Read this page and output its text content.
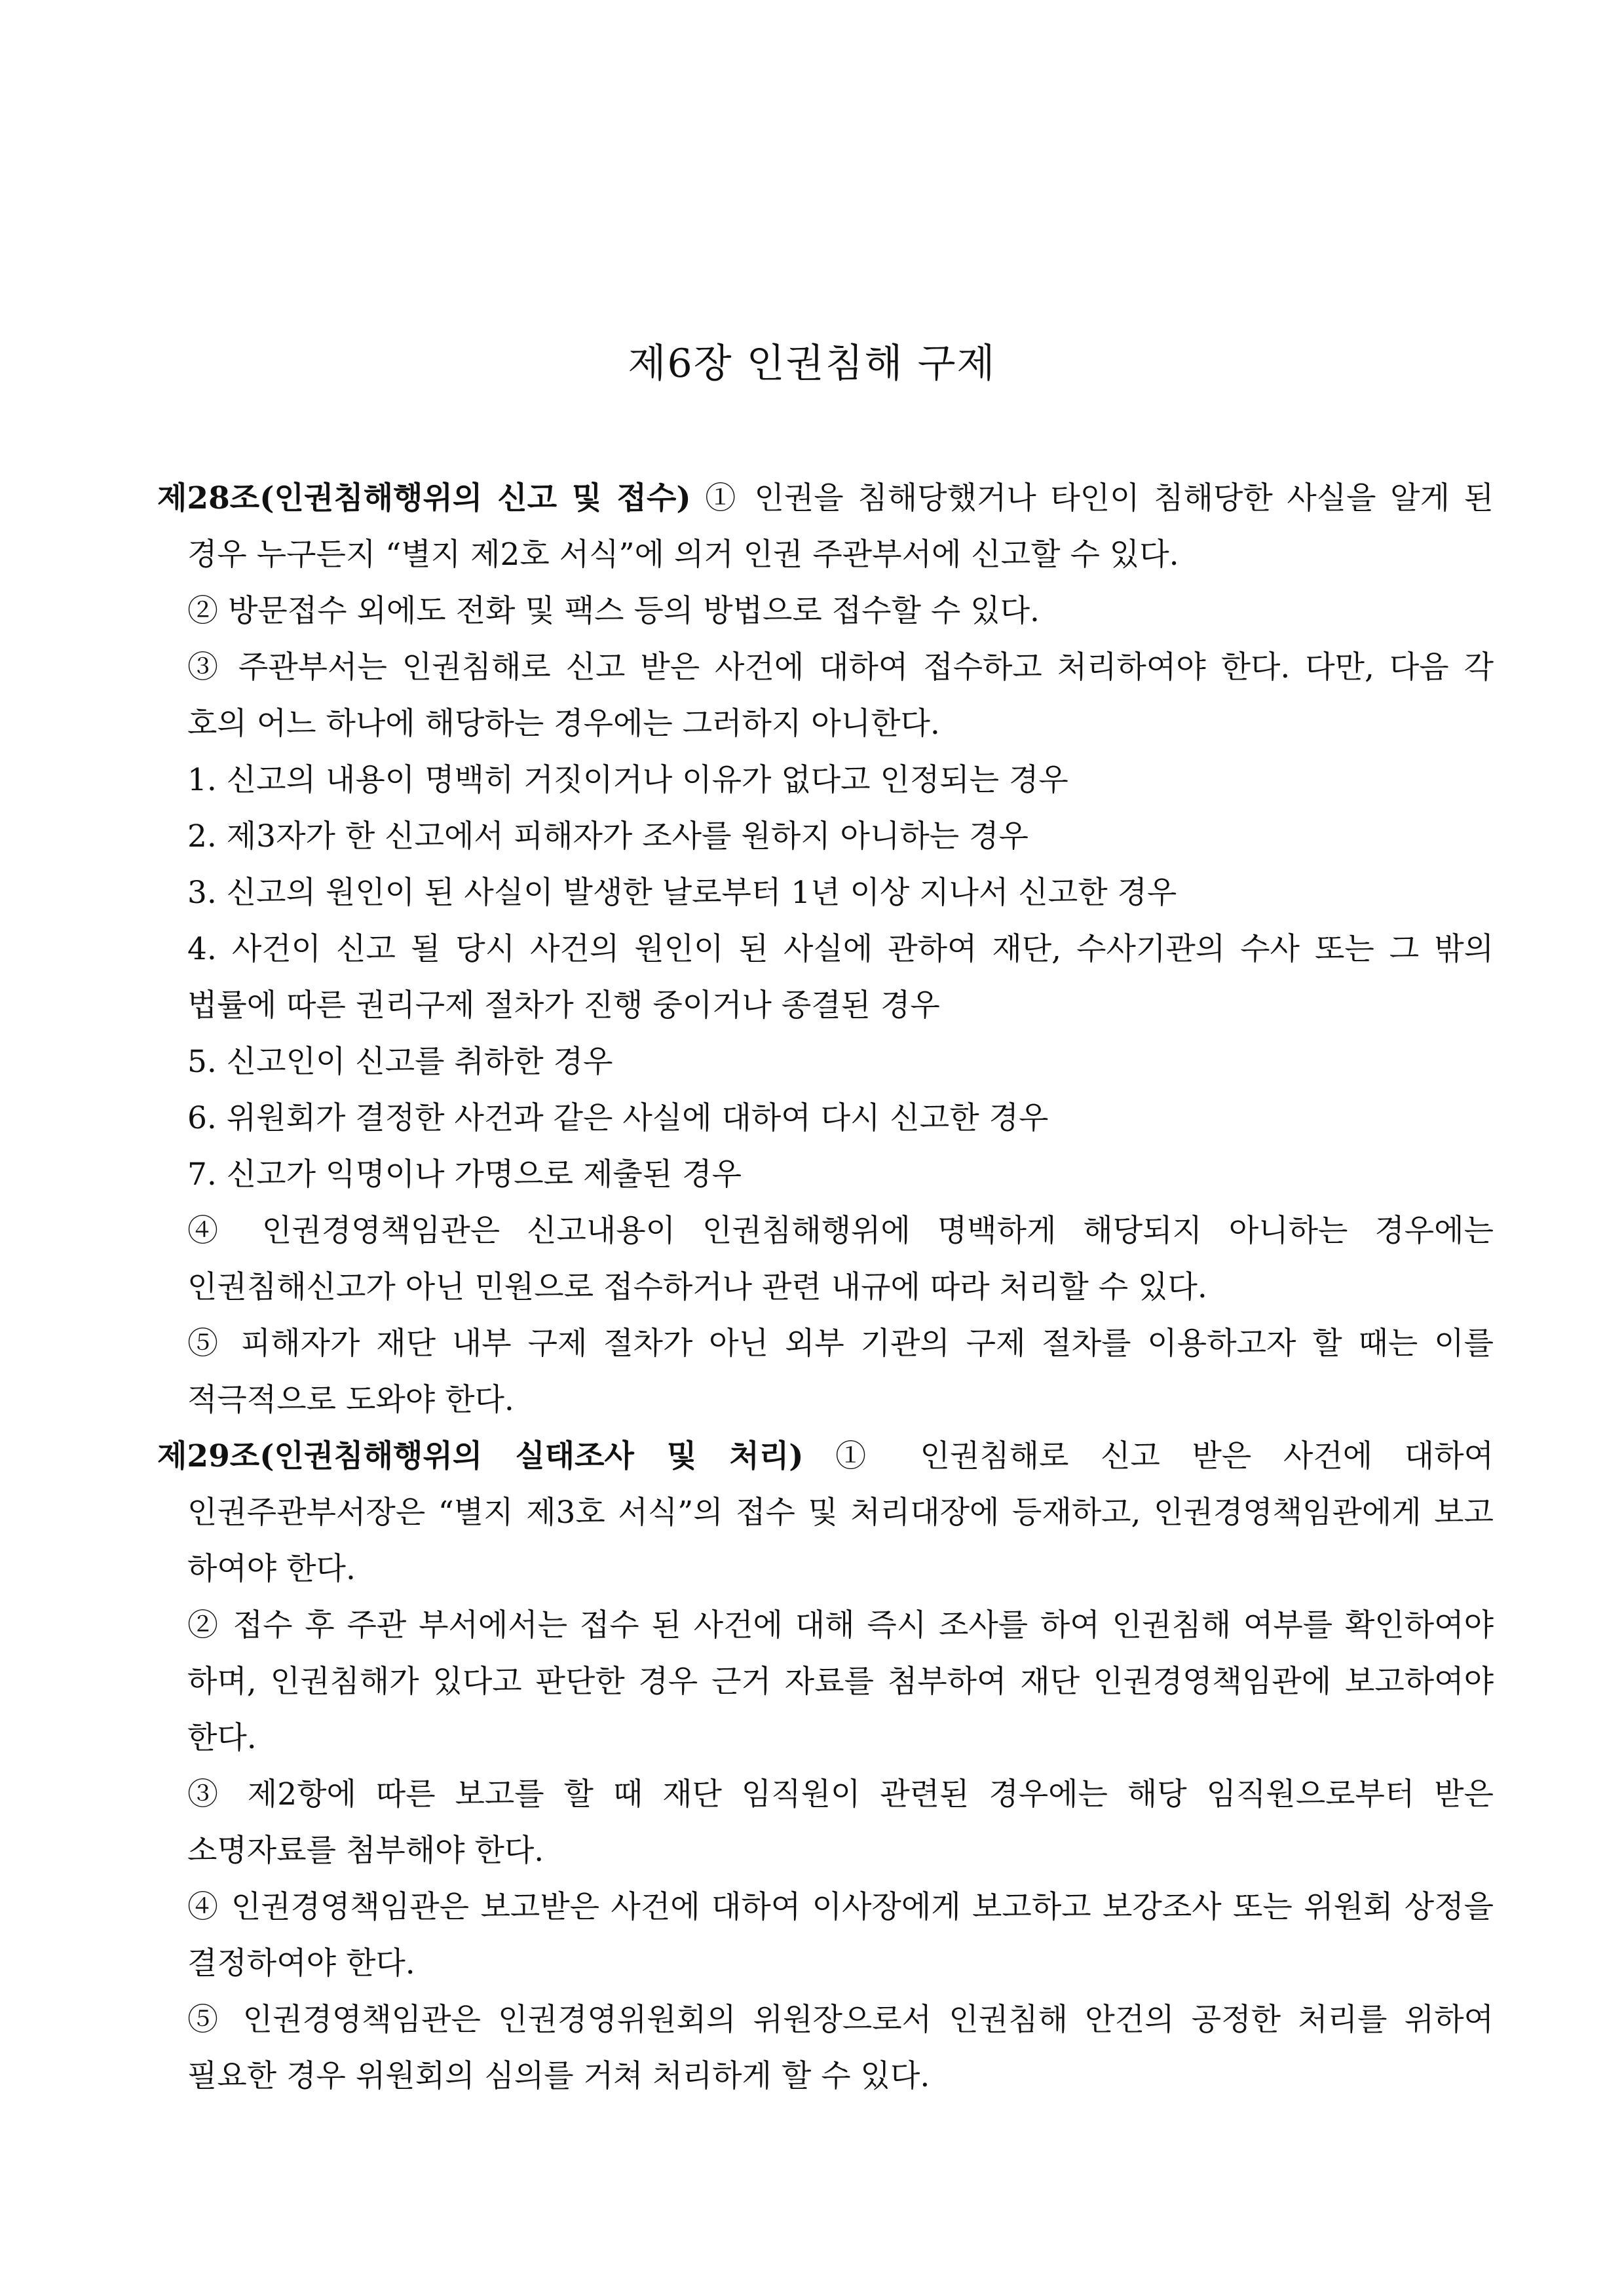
제6장 인권침해 구제

제28조(인권침해행위의 신고 및 접수) ① 인권을 침해당했거나 타인이 침해당한 사실을 알게 된 경우 누구든지 “별지 제2호 서식”에 의거 인권 주관부서에 신고할 수 있다.

② 방문접수 외에도 전화 및 팩스 등의 방법으로 접수할 수 있다.

③ 주관부서는 인권침해로 신고 받은 사건에 대하여 접수하고 처리하여야 한다. 다만, 다음 각 호의 어느 하나에 해당하는 경우에는 그러하지 아니한다.

1. 신고의 내용이 명백히 거짓이거나 이유가 없다고 인정되는 경우

2. 제3자가 한 신고에서 피해자가 조사를 원하지 아니하는 경우

3. 신고의 원인이 된 사실이 발생한 날로부터 1년 이상 지나서 신고한 경우

4. 사건이 신고 될 당시 사건의 원인이 된 사실에 관하여 재단, 수사기관의 수사 또는 그 밖의 법률에 따른 권리구제 절차가 진행 중이거나 종결된 경우

5. 신고인이 신고를 취하한 경우

6. 위원회가 결정한 사건과 같은 사실에 대하여 다시 신고한 경우

7. 신고가 익명이나 가명으로 제출된 경우

④ 인권경영책임관은 신고내용이 인권침해행위에 명백하게 해당되지 아니하는 경우에는 인권침해신고가 아닌 민원으로 접수하거나 관련 내규에 따라 처리할 수 있다.

⑤ 피해자가 재단 내부 구제 절차가 아닌 외부 기관의 구제 절차를 이용하고자 할 때는 이를 적극적으로 도와야 한다.

제29조(인권침해행위의 실태조사 및 처리) ① 인권침해로 신고 받은 사건에 대하여 인권주관부서장은 “별지 제3호 서식”의 접수 및 처리대장에 등재하고, 인권경영책임관에게 보고 하여야 한다.

② 접수 후 주관 부서에서는 접수 된 사건에 대해 즉시 조사를 하여 인권침해 여부를 확인하여야 하며, 인권침해가 있다고 판단한 경우 근거 자료를 첨부하여 재단 인권경영책임관에 보고하여야 한다.

③ 제2항에 따른 보고를 할 때 재단 임직원이 관련된 경우에는 해당 임직원으로부터 받은 소명자료를 첨부해야 한다.

④ 인권경영책임관은 보고받은 사건에 대하여 이사장에게 보고하고 보강조사 또는 위원회 상정을 결정하여야 한다.

⑤ 인권경영책임관은 인권경영위원회의 위원장으로서 인권침해 안건의 공정한 처리를 위하여 필요한 경우 위원회의 심의를 거쳐 처리하게 할 수 있다.
